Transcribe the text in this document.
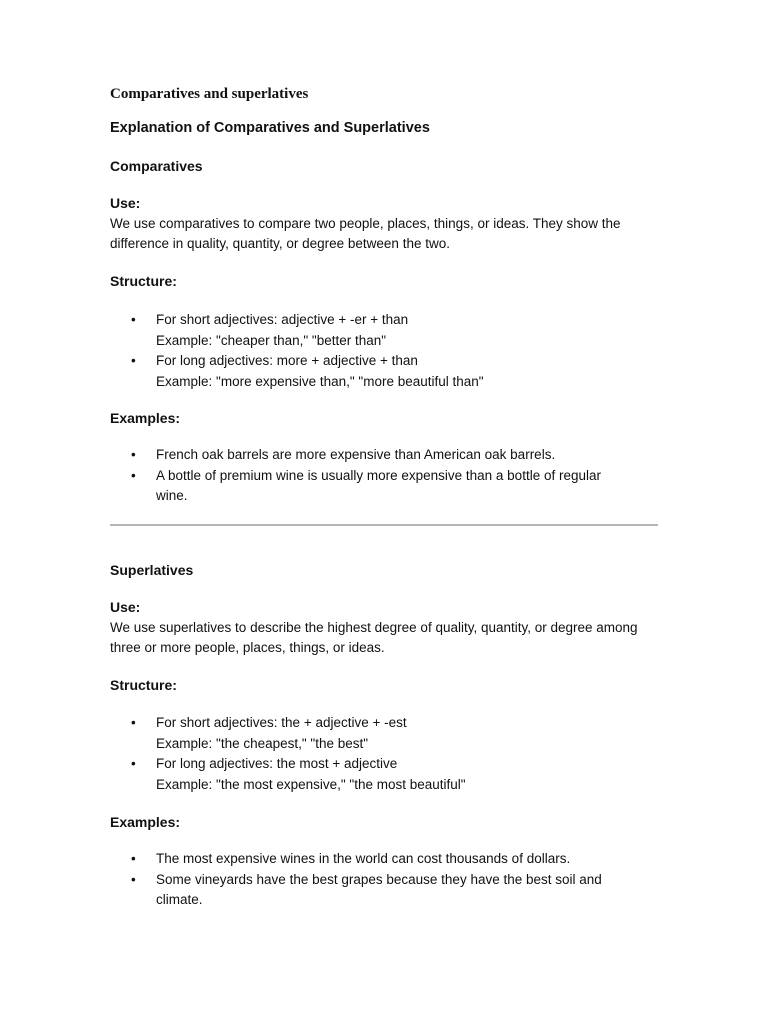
Comparatives and superlatives
Explanation of Comparatives and Superlatives
Comparatives
Use:

We use comparatives to compare two people, places, things, or ideas. They show the difference in quality, quantity, or degree between the two.

Structure:
• For short adjectives: adjective + -er + than
Example: "cheaper than," "better than"
• For long adjectives: more + adjective + than
Example: "more expensive than," "more beautiful than"
Examples:
• French oak barrels are more expensive than American oak barrels.
• A bottle of premium wine is usually more expensive than a bottle of regular wine.
Superlatives
Use:

We use superlatives to describe the highest degree of quality, quantity, or degree among three or more people, places, things, or ideas.

Structure:
• For short adjectives: the + adjective + -est
Example: "the cheapest," "the best"
• For long adjectives: the most + adjective
Example: "the most expensive," "the most beautiful"
Examples:
• The most expensive wines in the world can cost thousands of dollars.
• Some vineyards have the best grapes because they have the best soil and climate.
